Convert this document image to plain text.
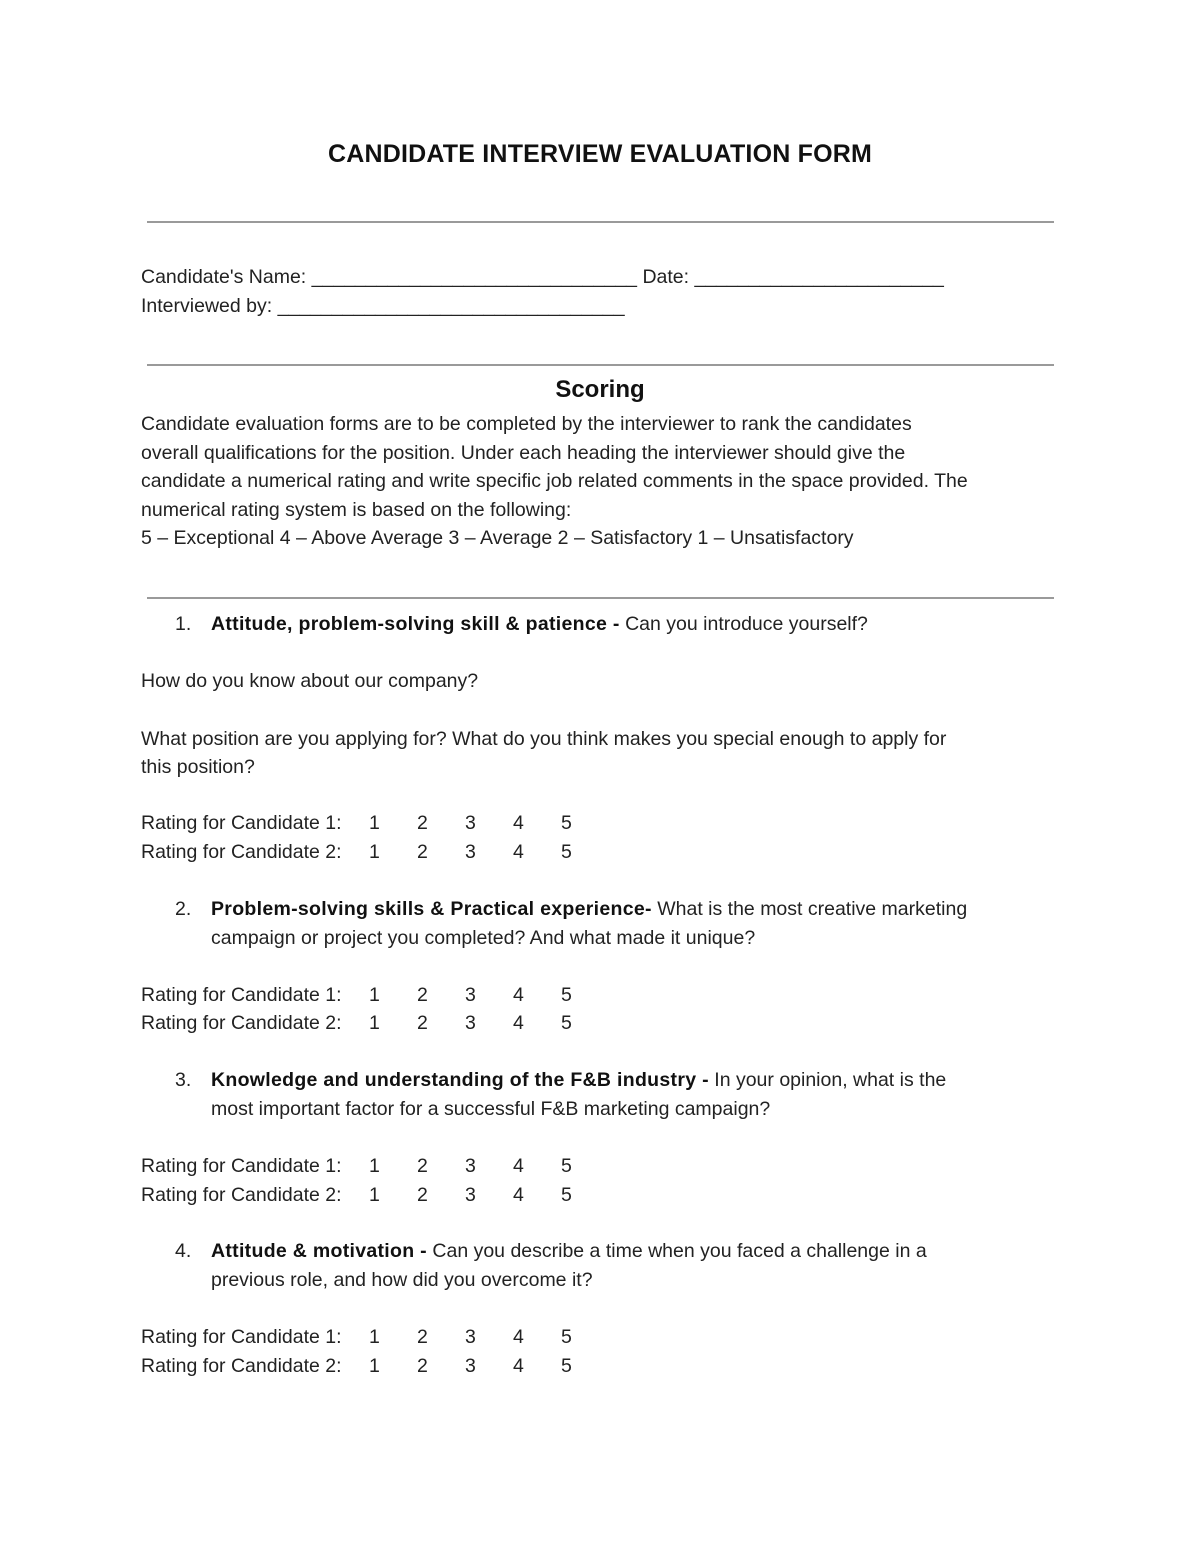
CANDIDATE INTERVIEW EVALUATION FORM
Candidate's Name: ______________________________ Date: _______________________
Interviewed by: ________________________________
Scoring
Candidate evaluation forms are to be completed by the interviewer to rank the candidates
overall qualifications for the position. Under each heading the interviewer should give the
candidate a numerical rating and write specific job related comments in the space provided. The
numerical rating system is based on the following:
5 – Exceptional 4 – Above Average 3 – Average 2 – Satisfactory 1 – Unsatisfactory
1. Attitude, problem-solving skill & patience - Can you introduce yourself?
How do you know about our company?
What position are you applying for? What do you think makes you special enough to apply for
this position?
Rating for Candidate 1: 1 2 3 4 5
Rating for Candidate 2: 1 2 3 4 5
2. Problem-solving skills & Practical experience- What is the most creative marketing
campaign or project you completed? And what made it unique?
Rating for Candidate 1: 1 2 3 4 5
Rating for Candidate 2: 1 2 3 4 5
3. Knowledge and understanding of the F&B industry - In your opinion, what is the
most important factor for a successful F&B marketing campaign?
Rating for Candidate 1: 1 2 3 4 5
Rating for Candidate 2: 1 2 3 4 5
4. Attitude & motivation - Can you describe a time when you faced a challenge in a
previous role, and how did you overcome it?
Rating for Candidate 1: 1 2 3 4 5
Rating for Candidate 2: 1 2 3 4 5
